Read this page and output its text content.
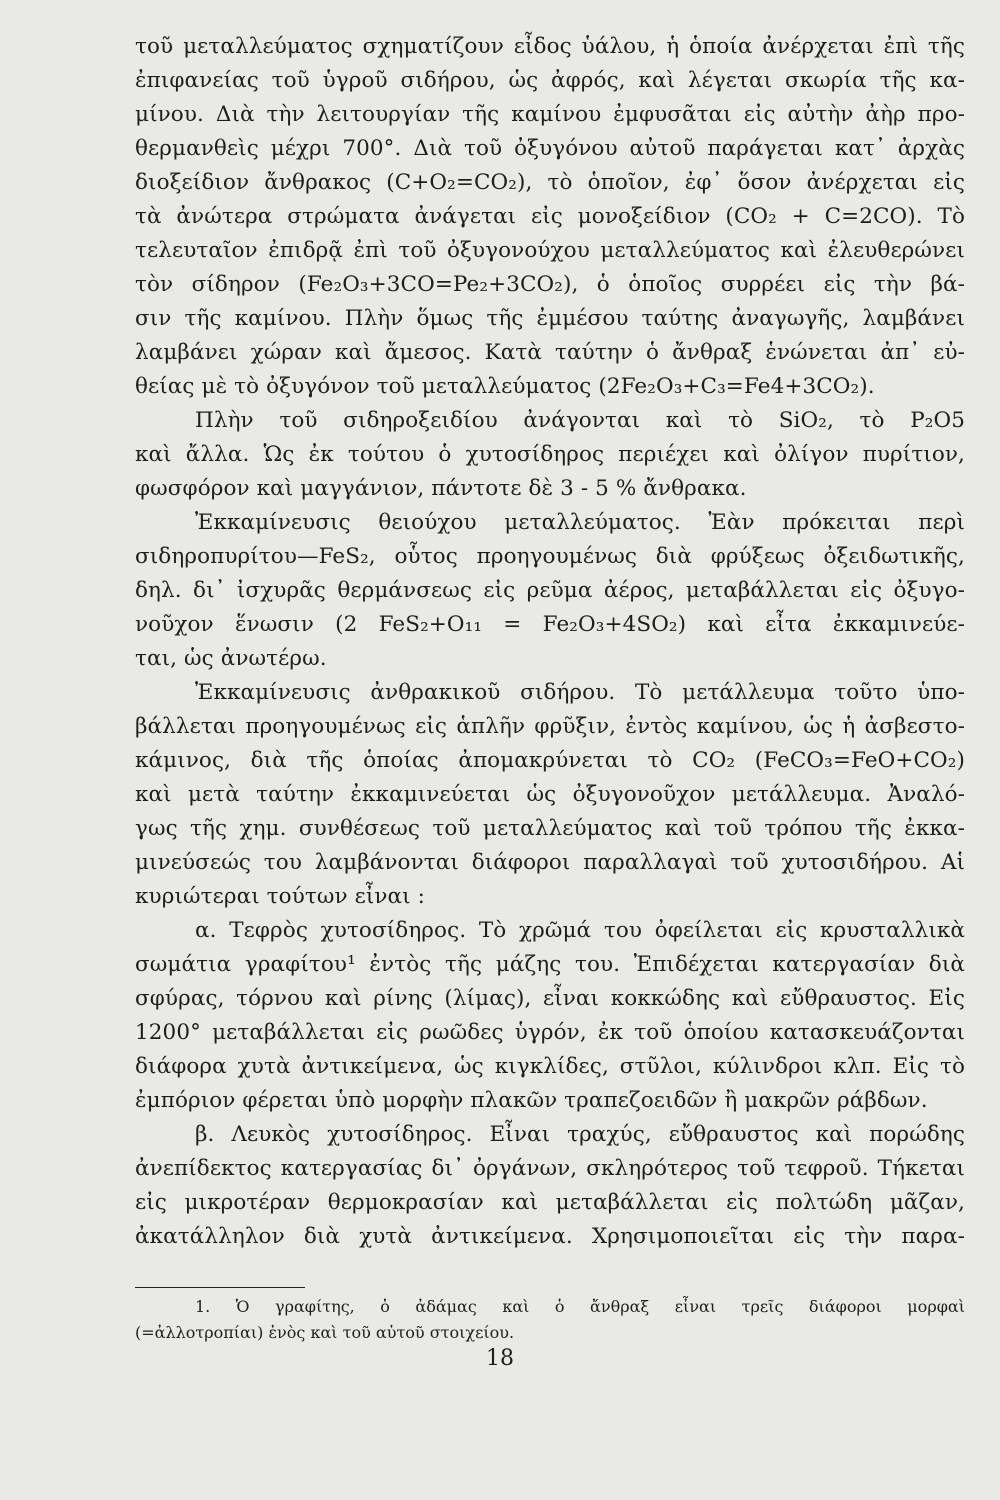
τοῦ μεταλλεύματος σχηματίζουν εἶδος ὑάλου, ἡ ὁποία ἀνέρχεται ἐπὶ τῆς
ἐπιφανείας τοῦ ὑγροῦ σιδήρου, ὡς ἀφρός, καὶ λέγεται σκωρία τῆς κα-
μίνου. Διὰ τὴν λειτουργίαν τῆς καμίνου ἐμφυσᾶται εἰς αὐτὴν ἀὴρ προ-
θερμανθεὶς μέχρι 700°. Διὰ τοῦ ὀξυγόνου αὐτοῦ παράγεται κατ᾿ ἀρχὰς
διοξείδιον ἄνθρακος (C+O₂=CO₂), τὸ ὁποῖον, ἐφ᾿ ὅσον ἀνέρχεται εἰς
τὰ ἀνώτερα στρώματα ἀνάγεται εἰς μονοξείδιον (CO₂ + C=2CO). Τὸ
τελευταῖον ἐπιδρᾷ ἐπὶ τοῦ ὀξυγονούχου μεταλλεύματος καὶ ἐλευθερώνει
τὸν σίδηρον (Fe₂O₃+3CO=Pe₂+3CO₂), ὁ ὁποῖος συρρέει εἰς τὴν βά-
σιν τῆς καμίνου. Πλὴν ὅμως τῆς ἐμμέσου ταύτης ἀναγωγῆς, λαμβάνει
λαμβάνει χώραν καὶ ἄμεσος. Κατὰ ταύτην ὁ ἄνθραξ ἑνώνεται ἀπ᾿ εὐ-
θείας μὲ τὸ ὀξυγόνον τοῦ μεταλλεύματος (2Fe₂O₃+C₃=Fe4+3CO₂).
Πλὴν τοῦ σιδηροξειδίου ἀνάγονται καὶ τὸ SiO₂, τὸ P₂O5
καὶ ἄλλα. Ὡς ἐκ τούτου ὁ χυτοσίδηρος περιέχει καὶ ὀλίγον πυρίτιον,
φωσφόρον καὶ μαγγάνιον, πάντοτε δὲ 3 - 5 % ἄνθρακα.
Ἐκκαμίνευσις θειούχου μεταλλεύματος. Ἐὰν πρόκειται περὶ
σιδηροπυρίτου—FeS₂, οὗτος προηγουμένως διὰ φρύξεως ὀξειδωτικῆς,
δηλ. δι᾿ ἰσχυρᾶς θερμάνσεως εἰς ρεῦμα ἀέρος, μεταβάλλεται εἰς ὀξυγο-
νοῦχον ἕνωσιν (2 FeS₂+O₁₁ = Fe₂O₃+4SO₂) καὶ εἶτα ἐκκαμινεύε-
ται, ὡς ἀνωτέρω.
Ἐκκαμίνευσις ἀνθρακικοῦ σιδήρου. Τὸ μετάλλευμα τοῦτο ὑπο-
βάλλεται προηγουμένως εἰς ἁπλῆν φρῦξιν, ἐντὸς καμίνου, ὡς ἡ ἀσβεστο-
κάμινος, διὰ τῆς ὁποίας ἀπομακρύνεται τὸ CO₂ (FeCO₃=FeO+CO₂)
καὶ μετὰ ταύτην ἐκκαμινεύεται ὡς ὀξυγονοῦχον μετάλλευμα. Ἀναλό-
γως τῆς χημ. συνθέσεως τοῦ μεταλλεύματος καὶ τοῦ τρόπου τῆς ἐκκα-
μινεύσεώς του λαμβάνονται διάφοροι παραλλαγαὶ τοῦ χυτοσιδήρου. Αἱ
κυριώτεραι τούτων εἶναι :
α. Τεφρὸς χυτοσίδηρος. Τὸ χρῶμά του ὀφείλεται εἰς κρυσταλλικὰ
σωμάτια γραφίτου¹ ἐντὸς τῆς μάζης του. Ἐπιδέχεται κατεργασίαν διὰ
σφύρας, τόρνου καὶ ρίνης (λίμας), εἶναι κοκκώδης καὶ εὔθραυστος. Εἰς
1200° μεταβάλλεται εἰς ρωῶδες ὑγρόν, ἐκ τοῦ ὁποίου κατασκευάζονται
διάφορα χυτὰ ἀντικείμενα, ὡς κιγκλίδες, στῦλοι, κύλινδροι κλπ. Εἰς τὸ
ἐμπόριον φέρεται ὑπὸ μορφὴν πλακῶν τραπεζοειδῶν ἢ μακρῶν ράβδων.
β. Λευκὸς χυτοσίδηρος. Εἶναι τραχύς, εὔθραυστος καὶ πορώδης
ἀνεπίδεκτος κατεργασίας δι᾿ ὀργάνων, σκληρότερος τοῦ τεφροῦ. Τήκεται
εἰς μικροτέραν θερμοκρασίαν καὶ μεταβάλλεται εἰς πολτώδη μᾶζαν,
ἀκατάλληλον διὰ χυτὰ ἀντικείμενα. Χρησιμοποιεῖται εἰς τὴν παρα-
1. Ὁ γραφίτης, ὁ ἀδάμας καὶ ὁ ἄνθραξ εἶναι τρεῖς διάφοροι μορφαὶ
(=ἀλλοτροπίαι) ἑνὸς καὶ τοῦ αὐτοῦ στοιχείου.
18
